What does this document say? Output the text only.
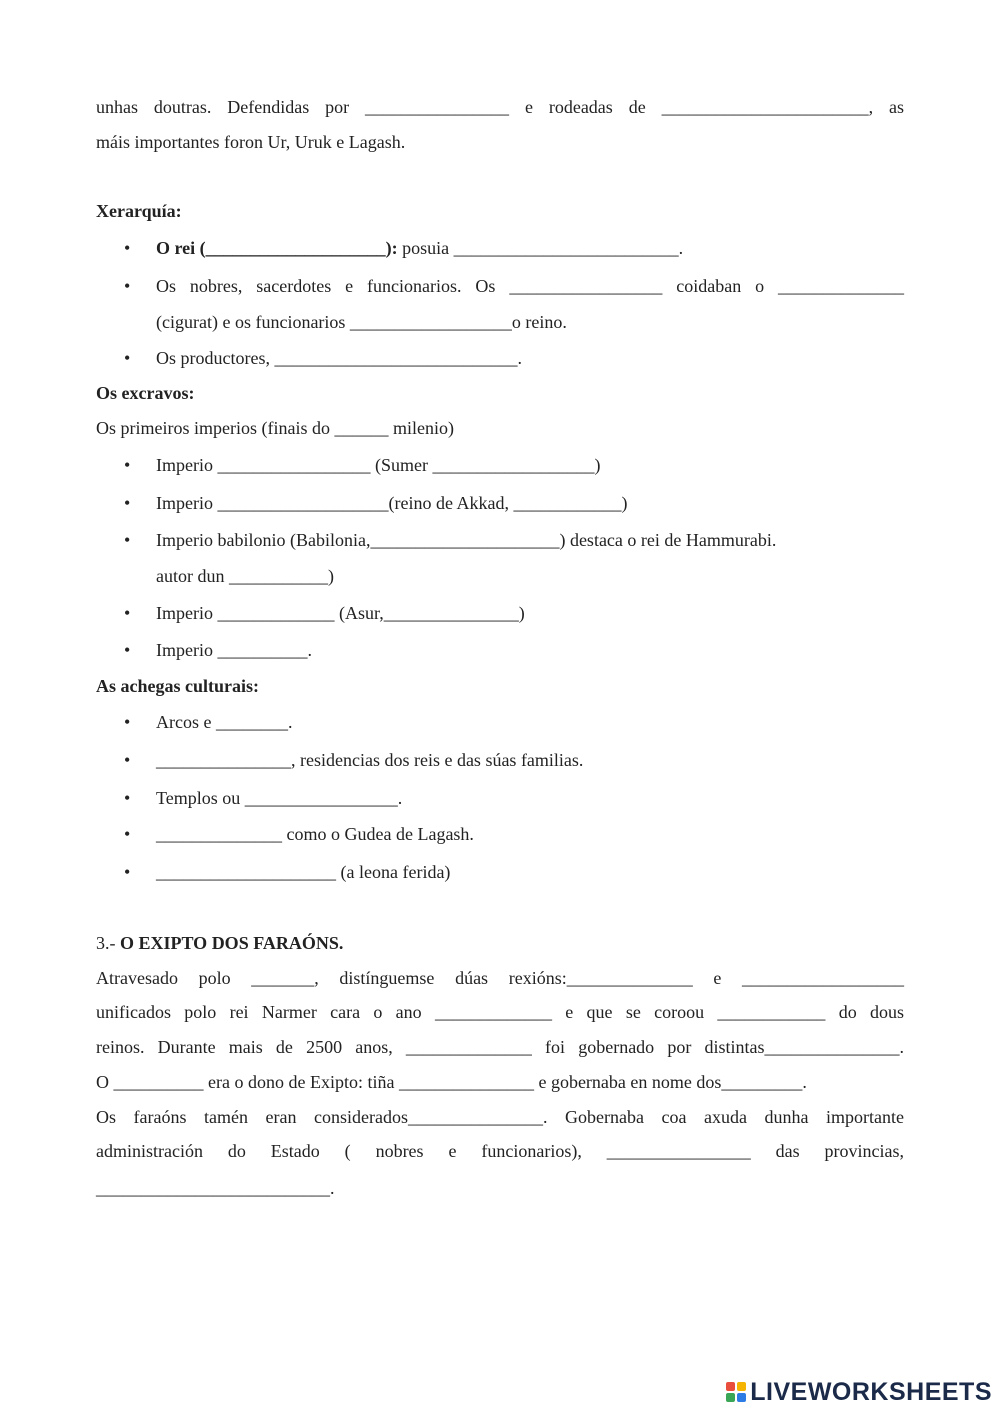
unhas doutras. Defendidas por ________________ e rodeadas de _______________________, as
máis importantes foron Ur, Uruk e Lagash.
Xerarquía:
• O rei (____________________): posuia _________________________.
• Os nobres, sacerdotes e funcionarios. Os _________________ coidaban o ______________
(cigurat) e os funcionarios __________________o reino.
• Os productores, ___________________________.
Os excravos:
Os primeiros imperios (finais do ______ milenio)
• Imperio _________________ (Sumer __________________)
• Imperio ___________________(reino de Akkad, ____________)
• Imperio babilonio (Babilonia,_____________________) destaca o rei de Hammurabi.
autor dun ___________)
• Imperio _____________ (Asur,_______________)
• Imperio __________.
As achegas culturais:
• Arcos e ________.
• _______________, residencias dos reis e das súas familias.
• Templos ou _________________.
• ______________ como o Gudea de Lagash.
• ____________________ (a leona ferida)
3.- O EXIPTO DOS FARAÓNS.
Atravesado polo _______, distínguemse dúas rexións:______________ e __________________
unificados polo rei Narmer cara o ano _____________ e que se coroou ____________ do dous
reinos. Durante mais de 2500 anos, ______________ foi gobernado por distintas_______________.
O __________ era o dono de Exipto: tiña _______________ e gobernaba en nome dos_________.
Os faraóns tamén eran considerados_______________. Gobernaba coa axuda dunha importante
administración do Estado ( nobres e funcionarios), ________________ das provincias,
__________________________.
LIVEWORKSHEETS
